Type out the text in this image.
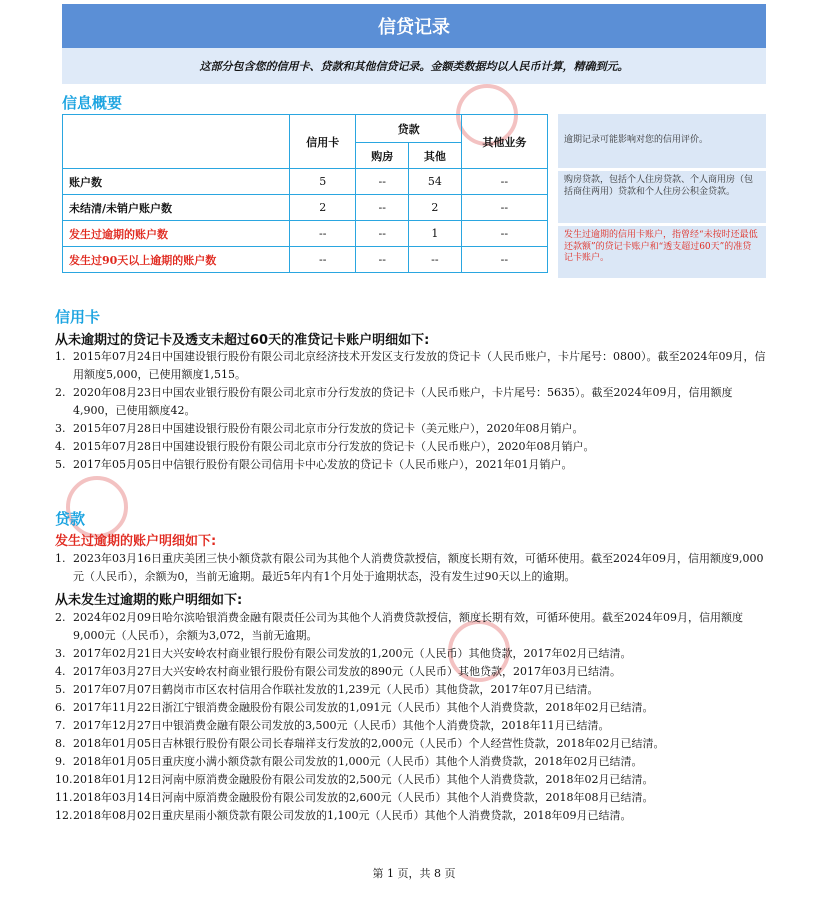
信贷记录
这部分包含您的信用卡、贷款和其他信贷记录。金额类数据均以人民币计算，精确到元。
信息概要
	信用卡	贷款		其他业务
		购房	其他	
账户数	5	--	54	--
未结清/未销户账户数	2	--	2	--
发生过逾期的账户数	--	--	1	--
发生过90天以上逾期的账户数	--	--	--	--
逾期记录可能影响对您的信用评价。
购房贷款，包括个人住房贷款、个人商用房（包括商住两用）贷款和个人住房公积金贷款。
发生过逾期的信用卡账户，指曾经“未按时还最低还款额”的贷记卡账户和“透支超过60天”的准贷记卡账户。
信用卡
从未逾期过的贷记卡及透支未超过60天的准贷记卡账户明细如下:
1. 2015年07月24日中国建设银行股份有限公司北京经济技术开发区支行发放的贷记卡（人民币账户，卡片尾号：0800）。截至2024年09月，信用额度5,000，已使用额度1,515。
2. 2020年08月23日中国农业银行股份有限公司北京市分行发放的贷记卡（人民币账户，卡片尾号：5635）。截至2024年09月，信用额度4,900，已使用额度42。
3. 2015年07月28日中国建设银行股份有限公司北京市分行发放的贷记卡（美元账户），2020年08月销户。
4. 2015年07月28日中国建设银行股份有限公司北京市分行发放的贷记卡（人民币账户），2020年08月销户。
5. 2017年05月05日中信银行股份有限公司信用卡中心发放的贷记卡（人民币账户），2021年01月销户。
贷款
发生过逾期的账户明细如下:
1. 2023年03月16日重庆美团三快小额贷款有限公司为其他个人消费贷款授信，额度长期有效，可循环使用。截至2024年09月，信用额度9,000元（人民币），余额为0，当前无逾期。最近5年内有1个月处于逾期状态，没有发生过90天以上的逾期。
从未发生过逾期的账户明细如下:
2. 2024年02月09日哈尔滨哈银消费金融有限责任公司为其他个人消费贷款授信，额度长期有效，可循环使用。截至2024年09月，信用额度9,000元（人民币），余额为3,072，当前无逾期。
3. 2017年02月21日大兴安岭农村商业银行股份有限公司发放的1,200元（人民币）其他贷款，2017年02月已结清。
4. 2017年03月27日大兴安岭农村商业银行股份有限公司发放的890元（人民币）其他贷款，2017年03月已结清。
5. 2017年07月07日鹤岗市市区农村信用合作联社发放的1,239元（人民币）其他贷款，2017年07月已结清。
6. 2017年11月22日浙江宁银消费金融股份有限公司发放的1,091元（人民币）其他个人消费贷款，2018年02月已结清。
7. 2017年12月27日中银消费金融有限公司发放的3,500元（人民币）其他个人消费贷款，2018年11月已结清。
8. 2018年01月05日吉林银行股份有限公司长春瑞祥支行发放的2,000元（人民币）个人经营性贷款，2018年02月已结清。
9. 2018年01月05日重庆度小满小额贷款有限公司发放的1,000元（人民币）其他个人消费贷款，2018年02月已结清。
10.2018年01月12日河南中原消费金融股份有限公司发放的2,500元（人民币）其他个人消费贷款，2018年02月已结清。
11.2018年03月14日河南中原消费金融股份有限公司发放的2,600元（人民币）其他个人消费贷款，2018年08月已结清。
12.2018年08月02日重庆星雨小额贷款有限公司发放的1,100元（人民币）其他个人消费贷款，2018年09月已结清。
第 1 页，共 8 页
